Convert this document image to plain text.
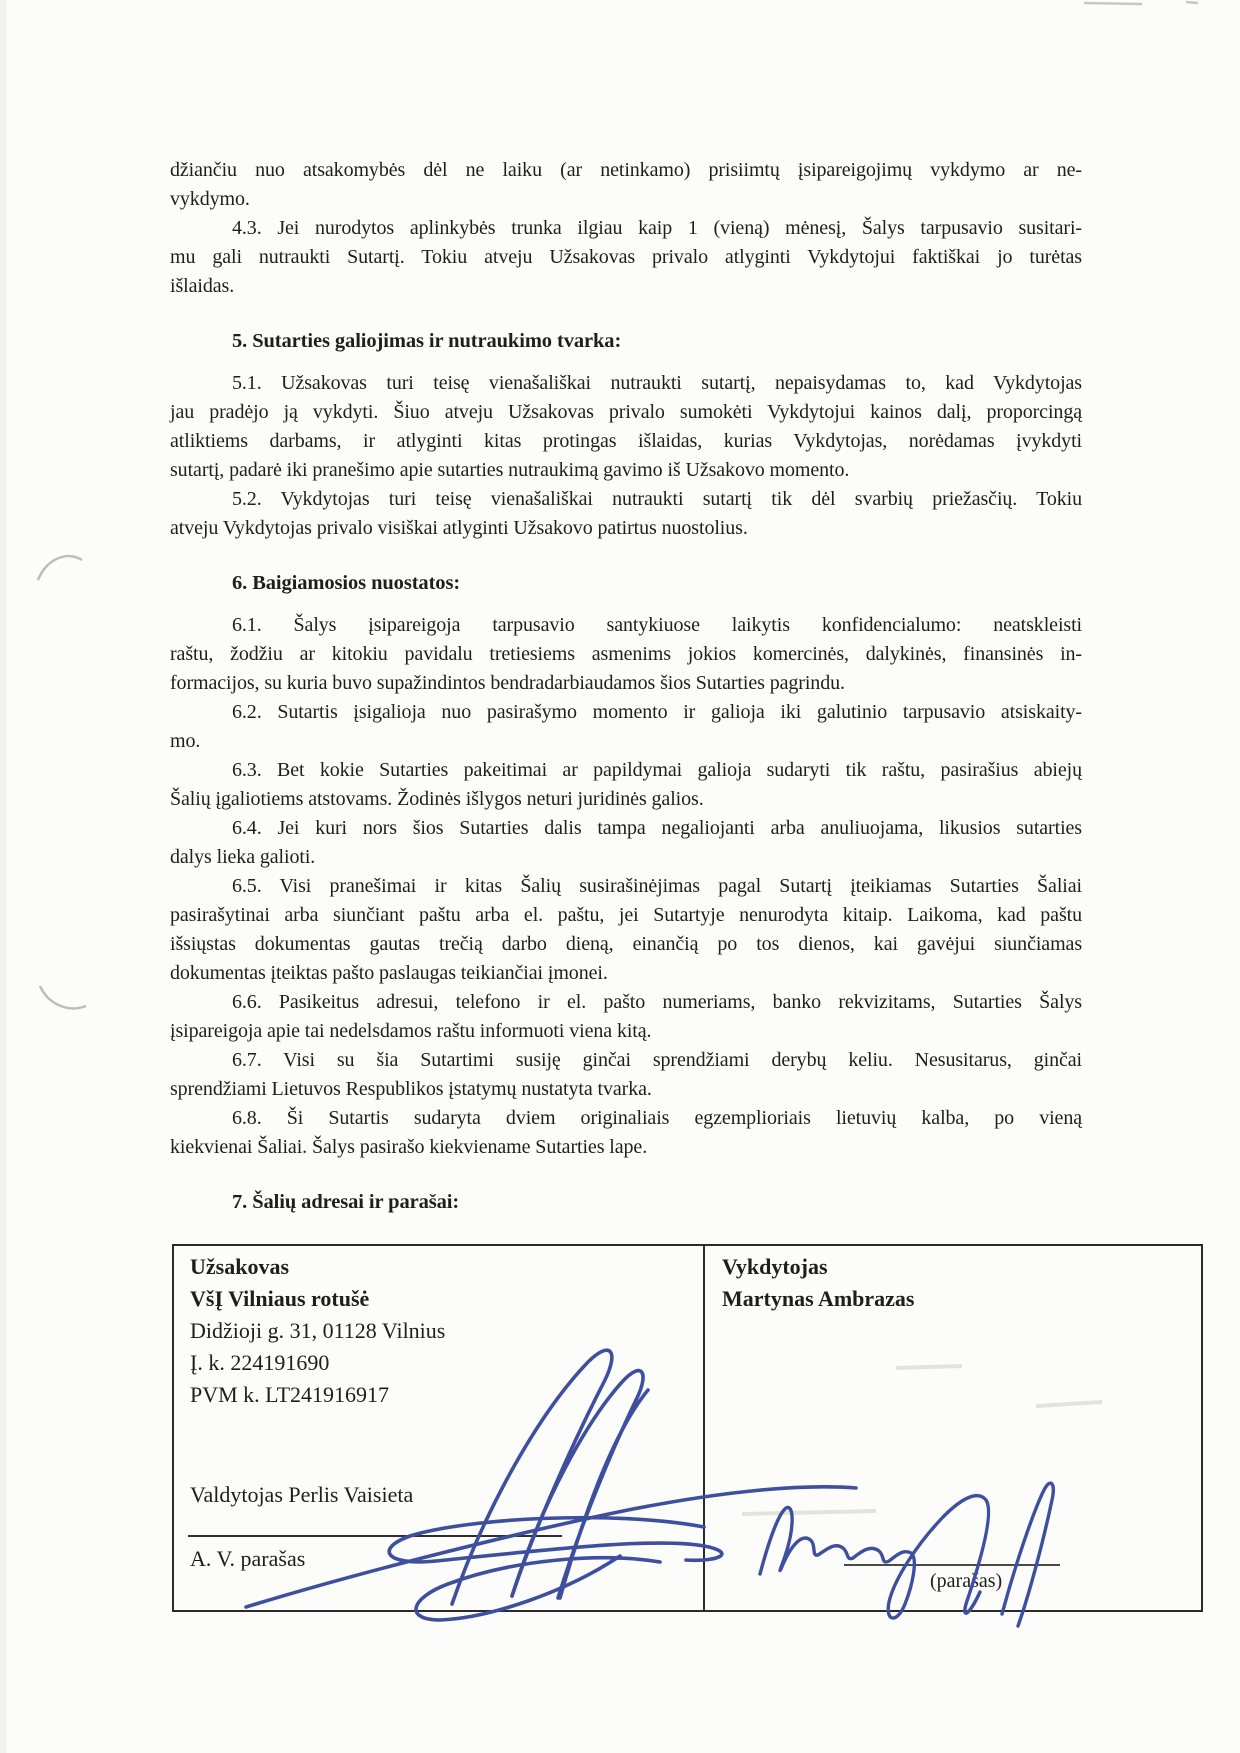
džiančiu nuo atsakomybės dėl ne laiku (ar netinkamo) prisiimtų įsipareigojimų vykdymo ar ne-
vykdymo.
4.3. Jei nurodytos aplinkybės trunka ilgiau kaip 1 (vieną) mėnesį, Šalys tarpusavio susitari-
mu gali nutraukti Sutartį. Tokiu atveju Užsakovas privalo atlyginti Vykdytojui faktiškai jo turėtas
išlaidas.
5. Sutarties galiojimas ir nutraukimo tvarka:
5.1. Užsakovas turi teisę vienašališkai nutraukti sutartį, nepaisydamas to, kad Vykdytojas
jau pradėjo ją vykdyti. Šiuo atveju Užsakovas privalo sumokėti Vykdytojui kainos dalį, proporcingą
atliktiems darbams, ir atlyginti kitas protingas išlaidas, kurias Vykdytojas, norėdamas įvykdyti
sutartį, padarė iki pranešimo apie sutarties nutraukimą gavimo iš Užsakovo momento.
5.2. Vykdytojas turi teisę vienašališkai nutraukti sutartį tik dėl svarbių priežasčių. Tokiu
atveju Vykdytojas privalo visiškai atlyginti Užsakovo patirtus nuostolius.
6. Baigiamosios nuostatos:
6.1. Šalys įsipareigoja tarpusavio santykiuose laikytis konfidencialumo: neatskleisti
raštu, žodžiu ar kitokiu pavidalu tretiesiems asmenims jokios komercinės, dalykinės, finansinės in-
formacijos, su kuria buvo supažindintos bendradarbiaudamos šios Sutarties pagrindu.
6.2. Sutartis įsigalioja nuo pasirašymo momento ir galioja iki galutinio tarpusavio atsiskaity-
mo.
6.3. Bet kokie Sutarties pakeitimai ar papildymai galioja sudaryti tik raštu, pasirašius abiejų
Šalių įgaliotiems atstovams. Žodinės išlygos neturi juridinės galios.
6.4. Jei kuri nors šios Sutarties dalis tampa negaliojanti arba anuliuojama, likusios sutarties
dalys lieka galioti.
6.5. Visi pranešimai ir kitas Šalių susirašinėjimas pagal Sutartį įteikiamas Sutarties Šaliai
pasirašytinai arba siunčiant paštu arba el. paštu, jei Sutartyje nenurodyta kitaip. Laikoma, kad paštu
išsiųstas dokumentas gautas trečią darbo dieną, einančią po tos dienos, kai gavėjui siunčiamas
dokumentas įteiktas pašto paslaugas teikiančiai įmonei.
6.6. Pasikeitus adresui, telefono ir el. pašto numeriams, banko rekvizitams, Sutarties Šalys
įsipareigoja apie tai nedelsdamos raštu informuoti viena kitą.
6.7. Visi su šia Sutartimi susiję ginčai sprendžiami derybų keliu. Nesusitarus, ginčai
sprendžiami Lietuvos Respublikos įstatymų nustatyta tvarka.
6.8. Ši Sutartis sudaryta dviem originaliais egzemplioriais lietuvių kalba, po vieną
kiekvienai Šaliai. Šalys pasirašo kiekviename Sutarties lape.
7. Šalių adresai ir parašai:
Užsakovas
VšĮ Vilniaus rotušė
Didžioji g. 31, 01128 Vilnius
Į. k. 224191690
PVM k. LT241916917
Valdytojas Perlis Vaisieta
A. V. parašas
Vykdytojas
Martynas Ambrazas
(parašas)
